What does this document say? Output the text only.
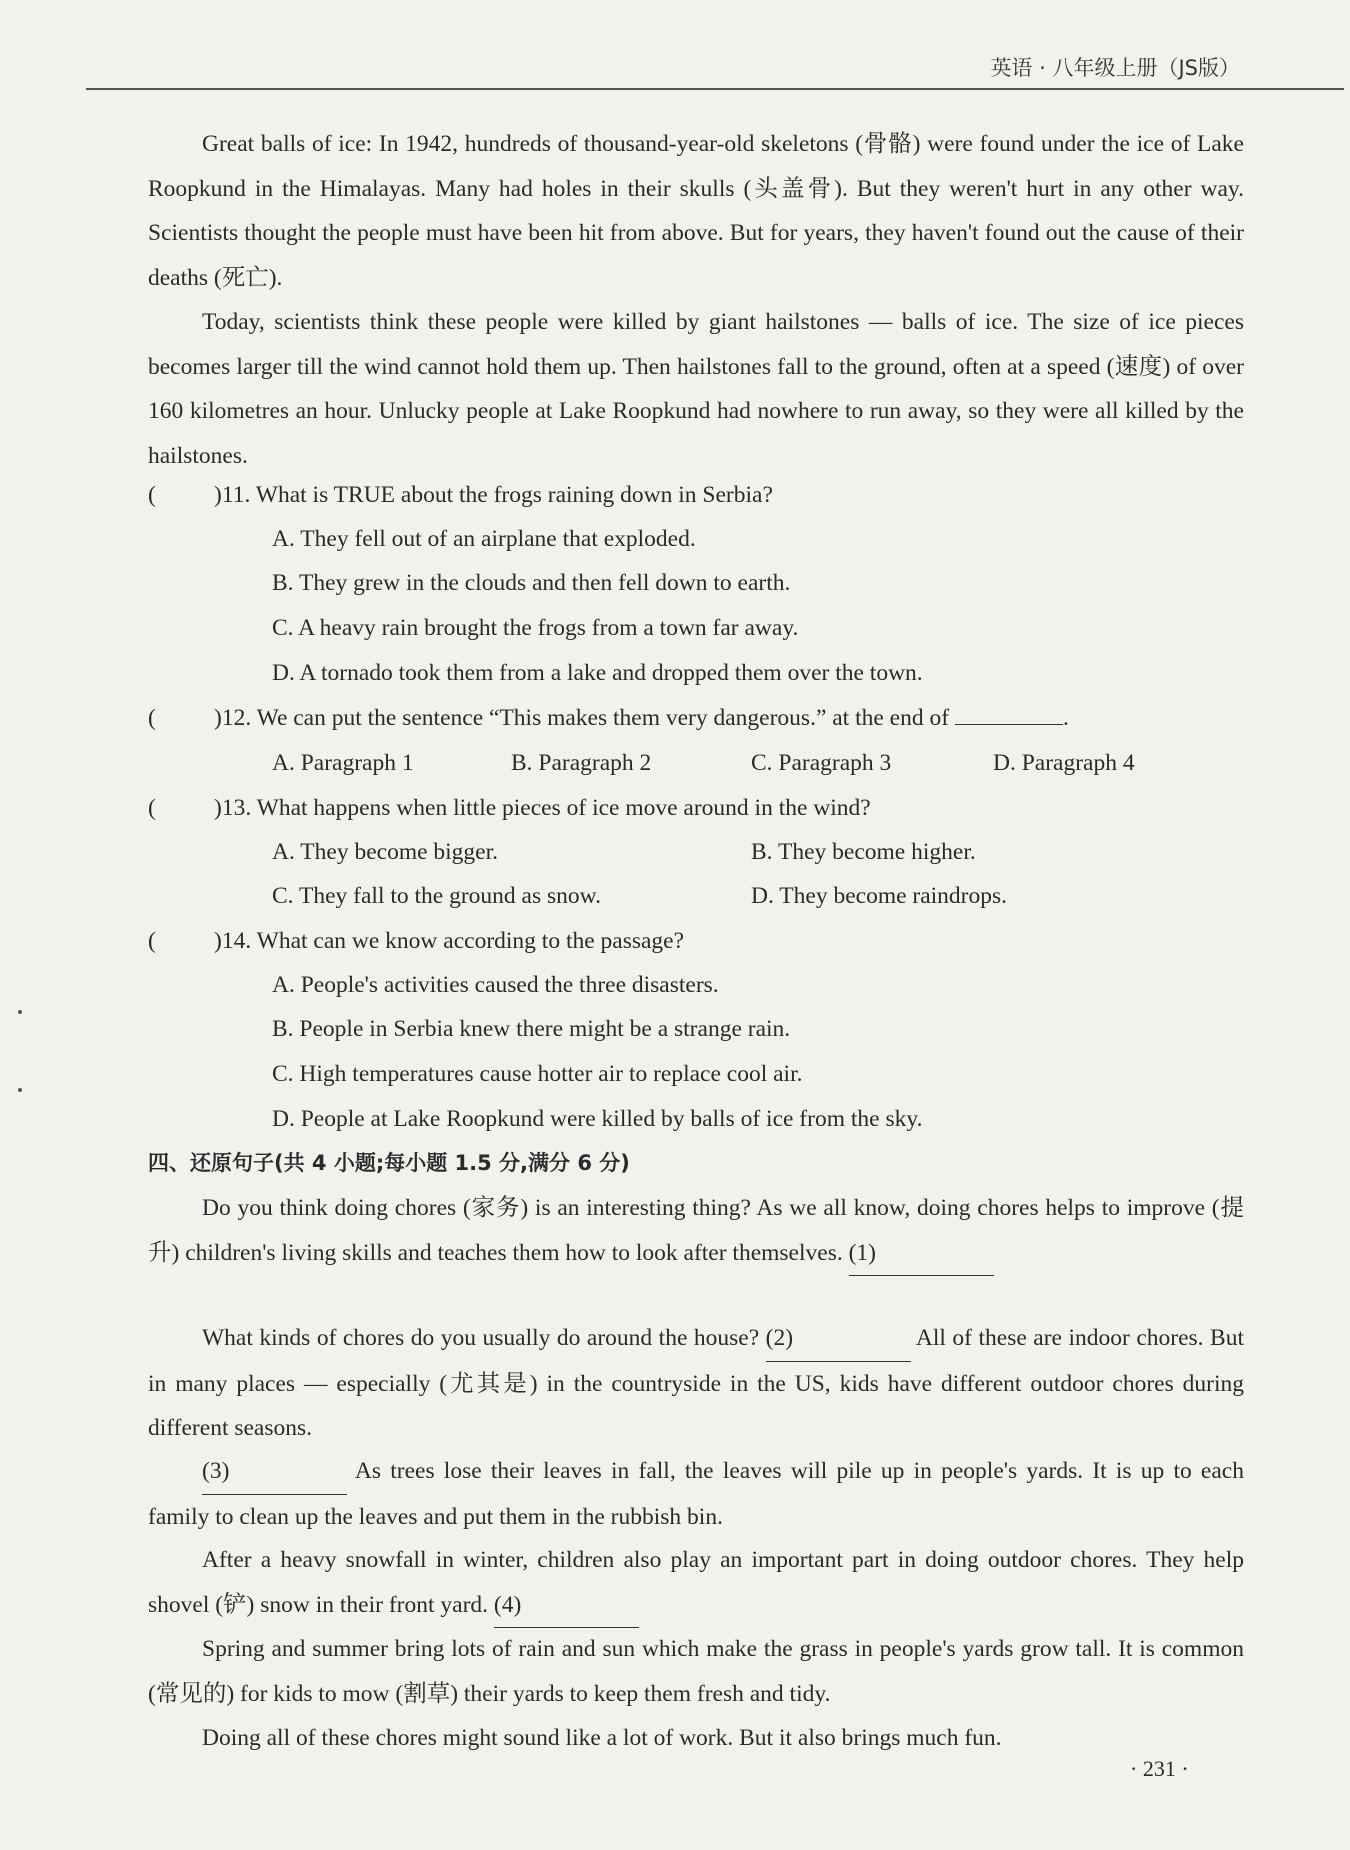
英语 · 八年级上册（JS版）

Great balls of ice: In 1942, hundreds of thousand-year-old skeletons (骨骼) were found under the ice of Lake Roopkund in the Himalayas. Many had holes in their skulls (头盖骨). But they weren't hurt in any other way. Scientists thought the people must have been hit from above. But for years, they haven't found out the cause of their deaths (死亡).

Today, scientists think these people were killed by giant hailstones — balls of ice. The size of ice pieces becomes larger till the wind cannot hold them up. Then hailstones fall to the ground, often at a speed (速度) of over 160 kilometres an hour. Unlucky people at Lake Roopkund had nowhere to run away, so they were all killed by the hailstones.

( )11. What is TRUE about the frogs raining down in Serbia?
A. They fell out of an airplane that exploded.
B. They grew in the clouds and then fell down to earth.
C. A heavy rain brought the frogs from a town far away.
D. A tornado took them from a lake and dropped them over the town.
( )12. We can put the sentence “This makes them very dangerous.” at the end of	.
A. Paragraph 1	B. Paragraph 2	C. Paragraph 3	D. Paragraph 4
( )13. What happens when little pieces of ice move around in the wind?
A. They become bigger.	B. They become higher.
C. They fall to the ground as snow.	D. They become raindrops.
( )14. What can we know according to the passage?
A. People's activities caused the three disasters.
B. People in Serbia knew there might be a strange rain.
C. High temperatures cause hotter air to replace cool air.
D. People at Lake Roopkund were killed by balls of ice from the sky.
四、还原句子(共 4 小题;每小题 1.5 分,满分 6 分)

Do you think doing chores (家务) is an interesting thing? As we all know, doing chores helps to improve (提升) children's living skills and teaches them how to look after themselves. (1)

What kinds of chores do you usually do around the house? (2)	All of these are indoor chores. But in many places — especially (尤其是) in the countryside in the US, kids have different outdoor chores during different seasons.

(3)	As trees lose their leaves in fall, the leaves will pile up in people's yards. It is up to each family to clean up the leaves and put them in the rubbish bin.

After a heavy snowfall in winter, children also play an important part in doing outdoor chores. They help shovel (铲) snow in their front yard. (4)

Spring and summer bring lots of rain and sun which make the grass in people's yards grow tall. It is common (常见的) for kids to mow (割草) their yards to keep them fresh and tidy.

Doing all of these chores might sound like a lot of work. But it also brings much fun.

· 231 ·
